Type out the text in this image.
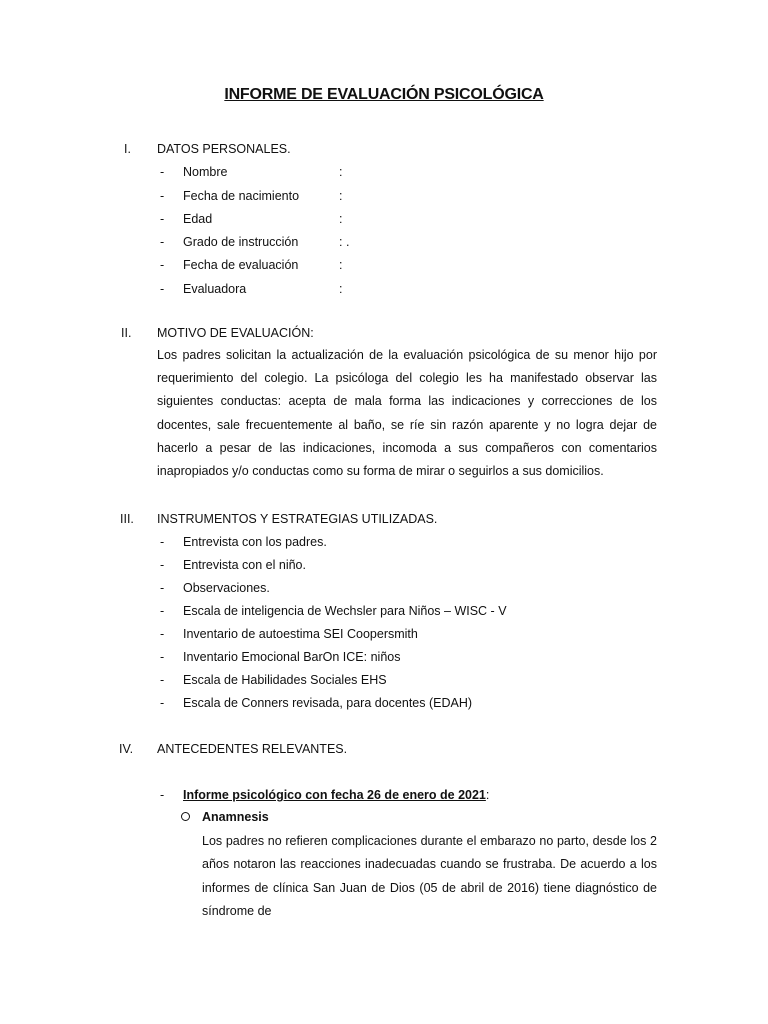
INFORME DE EVALUACIÓN PSICOLÓGICA
I. DATOS PERSONALES.
- Nombre	:
- Fecha de nacimiento	:
- Edad	:
- Grado de instrucción	: .
- Fecha de evaluación	:
- Evaluadora	:
II. MOTIVO DE EVALUACIÓN:
Los padres solicitan la actualización de la evaluación psicológica de su menor hijo por requerimiento del colegio. La psicóloga del colegio les ha manifestado observar las siguientes conductas: acepta de mala forma las indicaciones y correcciones de los docentes, sale frecuentemente al baño, se ríe sin razón aparente y no logra dejar de hacerlo a pesar de las indicaciones, incomoda a sus compañeros con comentarios inapropiados y/o conductas como su forma de mirar o seguirlos a sus domicilios.
III. INSTRUMENTOS Y ESTRATEGIAS UTILIZADAS.
- Entrevista con los padres.
- Entrevista con el niño.
- Observaciones.
- Escala de inteligencia de Wechsler para Niños – WISC - V
- Inventario de autoestima SEI Coopersmith
- Inventario Emocional BarOn ICE: niños
- Escala de Habilidades Sociales EHS
- Escala de Conners revisada, para docentes (EDAH)
IV. ANTECEDENTES RELEVANTES.
- Informe psicológico con fecha 26 de enero de 2021:
Anamnesis
Los padres no refieren complicaciones durante el embarazo no parto, desde los 2 años notaron las reacciones inadecuadas cuando se frustraba. De acuerdo a los informes de clínica San Juan de Dios (05 de abril de 2016) tiene diagnóstico de síndrome de
